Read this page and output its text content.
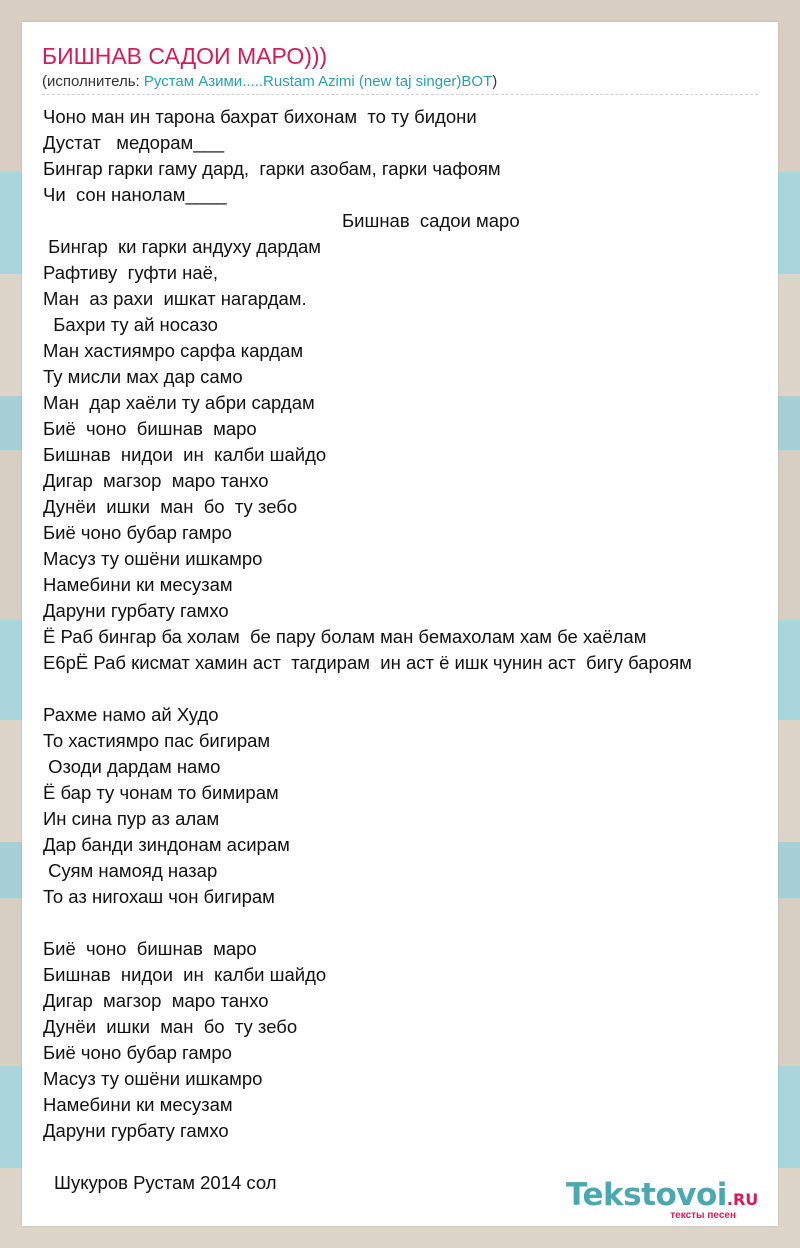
БИШНАВ САДОИ МАРО)))
(исполнитель: Рустам Азими.....Rustam Azimi (new taj singer)BOT)
Чоно ман ин тарона бахрат бихонам  то ту бидони
Дустат   медорам___
Бингар гарки гаму дард,  гарки азобам, гарки чафоям
Чи  сон нанолам____
Бишнав  садои маро
Бингар  ки гарки андуху дардам
Рафтиву  гуфти наё,
Ман  аз рахи  ишкат нагардам.
Бахри ту ай носазо
Ман хастиямро сарфа кардам
Ту мисли мах дар само
Ман  дар хаёли ту абри сардам
Биё  чоно  бишнав  маро
Бишнав  нидои  ин  калби шайдо
Дигар  магзор  маро танхо
Дунёи  ишки  ман  бо  ту зебо
Биё чоно бубар гамро
Масуз ту ошёни ишкамро
Намебини ки месузам
Даруни гурбату гамхо
Ё Раб бингар ба холам  бе пару болам ман бемахолам хам бе хаёлам
Е6рЁ Раб кисмат хамин аст  тагдирам  ин аст ё ишк чунин аст  бигу бароям
Рахме намо ай Худо
То хастиямро пас бигирам
Озоди дардам намо
Ё бар ту чонам то бимирам
Ин сина пур аз алам
Дар банди зиндонам асирам
Суям намояд назар
То аз нигохаш чон бигирам
Биё  чоно  бишнав  маро
Бишнав  нидои  ин  калби шайдо
Дигар  магзор  маро танхо
Дунёи  ишки  ман  бо  ту зебо
Биё чоно бубар гамро
Масуз ту ошёни ишкамро
Намебини ки месузам
Даруни гурбату гамхо
Шукуров Рустам 2014 сол	Tekstovoi.RU
тексты песен
